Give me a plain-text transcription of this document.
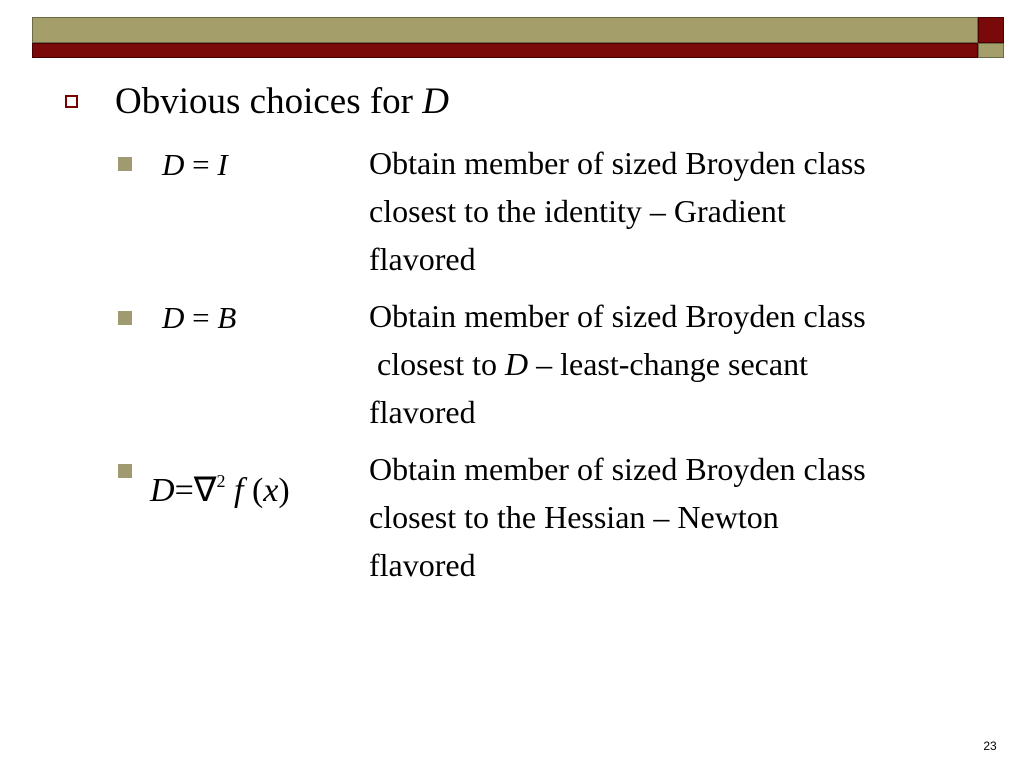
Obvious choices for D
D = I	Obtain member of sized Broyden class
closest to the identity – Gradient
flavored
D = B	Obtain member of sized Broyden class
closest to D – least-change secant
flavored
D=∇$^2$ f (x)
Obtain member of sized Broyden class
closest to the Hessian – Newton
flavored
23
